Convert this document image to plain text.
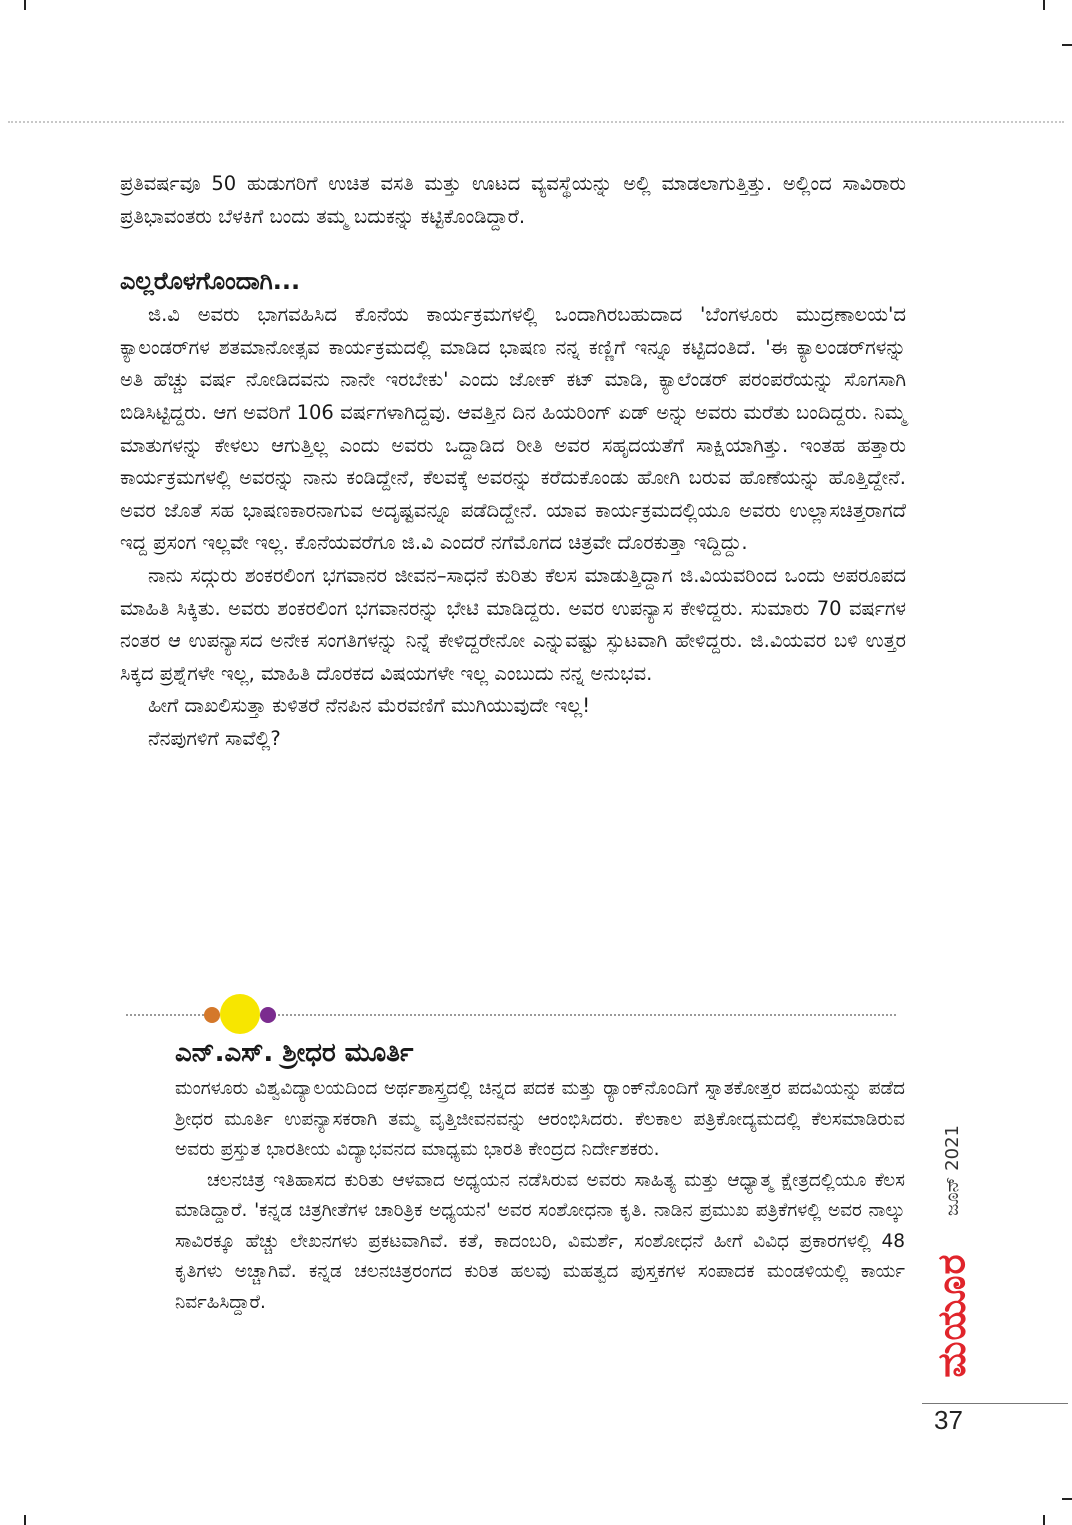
ಪ್ರತಿವರ್ಷವೂ 50 ಹುಡುಗರಿಗೆ ಉಚಿತ ವಸತಿ ಮತ್ತು ಊಟದ ವ್ಯವಸ್ಥೆಯನ್ನು ಅಲ್ಲಿ ಮಾಡಲಾಗುತ್ತಿತ್ತು. ಅಲ್ಲಿಂದ ಸಾವಿರಾರು ಪ್ರತಿಭಾವಂತರು ಬೆಳಕಿಗೆ ಬಂದು ತಮ್ಮ ಬದುಕನ್ನು ಕಟ್ಟಿಕೊಂಡಿದ್ದಾರೆ.

ಎಲ್ಲರೊಳಗೊಂದಾಗಿ...

ಜಿ.ವಿ ಅವರು ಭಾಗವಹಿಸಿದ ಕೊನೆಯ ಕಾರ್ಯಕ್ರಮಗಳಲ್ಲಿ ಒಂದಾಗಿರಬಹುದಾದ 'ಬೆಂಗಳೂರು ಮುದ್ರಣಾಲಯ'ದ ಕ್ಯಾಲಂಡರ್‌ಗಳ ಶತಮಾನೋತ್ಸವ ಕಾರ್ಯಕ್ರಮದಲ್ಲಿ ಮಾಡಿದ ಭಾಷಣ ನನ್ನ ಕಣ್ಣಿಗೆ ಇನ್ನೂ ಕಟ್ಟಿದಂತಿದೆ. 'ಈ ಕ್ಯಾಲಂಡರ್‌ಗಳನ್ನು ಅತಿ ಹೆಚ್ಚು ವರ್ಷ ನೋಡಿದವನು ನಾನೇ ಇರಬೇಕು' ಎಂದು ಜೋಕ್ ಕಟ್ ಮಾಡಿ, ಕ್ಯಾಲೆಂಡರ್ ಪರಂಪರೆಯನ್ನು ಸೊಗಸಾಗಿ ಬಿಡಿಸಿಟ್ಟಿದ್ದರು. ಆಗ ಅವರಿಗೆ 106 ವರ್ಷಗಳಾಗಿದ್ದವು. ಆವತ್ತಿನ ದಿನ ಹಿಯರಿಂಗ್ ಏಡ್ ಅನ್ನು ಅವರು ಮರೆತು ಬಂದಿದ್ದರು. ನಿಮ್ಮ ಮಾತುಗಳನ್ನು ಕೇಳಲು ಆಗುತ್ತಿಲ್ಲ ಎಂದು ಅವರು ಒದ್ದಾಡಿದ ರೀತಿ ಅವರ ಸಹೃದಯತೆಗೆ ಸಾಕ್ಷಿಯಾಗಿತ್ತು. ಇಂತಹ ಹತ್ತಾರು ಕಾರ್ಯಕ್ರಮಗಳಲ್ಲಿ ಅವರನ್ನು ನಾನು ಕಂಡಿದ್ದೇನೆ, ಕೆಲವಕ್ಕೆ ಅವರನ್ನು ಕರೆದುಕೊಂಡು ಹೋಗಿ ಬರುವ ಹೊಣೆಯನ್ನು ಹೊತ್ತಿದ್ದೇನೆ. ಅವರ ಜೊತೆ ಸಹ ಭಾಷಣಕಾರನಾಗುವ ಅದೃಷ್ಟವನ್ನೂ ಪಡೆದಿದ್ದೇನೆ. ಯಾವ ಕಾರ್ಯಕ್ರಮದಲ್ಲಿಯೂ ಅವರು ಉಲ್ಲಾಸಚಿತ್ತರಾಗದೆ ಇದ್ದ ಪ್ರಸಂಗ ಇಲ್ಲವೇ ಇಲ್ಲ. ಕೊನೆಯವರೆಗೂ ಜಿ.ವಿ ಎಂದರೆ ನಗೆಮೊಗದ ಚಿತ್ರವೇ ದೊರಕುತ್ತಾ ಇದ್ದಿದ್ದು.

ನಾನು ಸದ್ಗುರು ಶಂಕರಲಿಂಗ ಭಗವಾನರ ಜೀವನ–ಸಾಧನೆ ಕುರಿತು ಕೆಲಸ ಮಾಡುತ್ತಿದ್ದಾಗ ಜಿ.ವಿಯವರಿಂದ ಒಂದು ಅಪರೂಪದ ಮಾಹಿತಿ ಸಿಕ್ಕಿತು. ಅವರು ಶಂಕರಲಿಂಗ ಭಗವಾನರನ್ನು ಭೇಟಿ ಮಾಡಿದ್ದರು. ಅವರ ಉಪನ್ಯಾಸ ಕೇಳಿದ್ದರು. ಸುಮಾರು 70 ವರ್ಷಗಳ ನಂತರ ಆ ಉಪನ್ಯಾಸದ ಅನೇಕ ಸಂಗತಿಗಳನ್ನು ನಿನ್ನೆ ಕೇಳಿದ್ದರೇನೋ ಎನ್ನುವಷ್ಟು ಸ್ಫುಟವಾಗಿ ಹೇಳಿದ್ದರು. ಜಿ.ವಿಯವರ ಬಳಿ ಉತ್ತರ ಸಿಕ್ಕದ ಪ್ರಶ್ನೆಗಳೇ ಇಲ್ಲ, ಮಾಹಿತಿ ದೊರಕದ ವಿಷಯಗಳೇ ಇಲ್ಲ ಎಂಬುದು ನನ್ನ ಅನುಭವ.

ಹೀಗೆ ದಾಖಲಿಸುತ್ತಾ ಕುಳಿತರೆ ನೆನಪಿನ ಮೆರವಣಿಗೆ ಮುಗಿಯುವುದೇ ಇಲ್ಲ!

ನೆನಪುಗಳಿಗೆ ಸಾವೆಲ್ಲಿ?

ಎನ್.ಎಸ್. ಶ್ರೀಧರ ಮೂರ್ತಿ

ಮಂಗಳೂರು ವಿಶ್ವವಿದ್ಯಾಲಯದಿಂದ ಅರ್ಥಶಾಸ್ತ್ರದಲ್ಲಿ ಚಿನ್ನದ ಪದಕ ಮತ್ತು ರ್‍ಯಾಂಕ್‌ನೊಂದಿಗೆ ಸ್ನಾತಕೋತ್ತರ ಪದವಿಯನ್ನು ಪಡೆದ ಶ್ರೀಧರ ಮೂರ್ತಿ ಉಪನ್ಯಾಸಕರಾಗಿ ತಮ್ಮ ವೃತ್ತಿಜೀವನವನ್ನು ಆರಂಭಿಸಿದರು. ಕೆಲಕಾಲ ಪತ್ರಿಕೋದ್ಯಮದಲ್ಲಿ ಕೆಲಸಮಾಡಿರುವ ಅವರು ಪ್ರಸ್ತುತ ಭಾರತೀಯ ವಿದ್ಯಾಭವನದ ಮಾಧ್ಯಮ ಭಾರತಿ ಕೇಂದ್ರದ ನಿರ್ದೇಶಕರು.

ಚಲನಚಿತ್ರ ಇತಿಹಾಸದ ಕುರಿತು ಆಳವಾದ ಅಧ್ಯಯನ ನಡೆಸಿರುವ ಅವರು ಸಾಹಿತ್ಯ ಮತ್ತು ಆಧ್ಯಾತ್ಮ ಕ್ಷೇತ್ರದಲ್ಲಿಯೂ ಕೆಲಸ ಮಾಡಿದ್ದಾರೆ. 'ಕನ್ನಡ ಚಿತ್ರಗೀತೆಗಳ ಚಾರಿತ್ರಿಕ ಅಧ್ಯಯನ' ಅವರ ಸಂಶೋಧನಾ ಕೃತಿ. ನಾಡಿನ ಪ್ರಮುಖ ಪತ್ರಿಕೆಗಳಲ್ಲಿ ಅವರ ನಾಲ್ಕು ಸಾವಿರಕ್ಕೂ ಹೆಚ್ಚು ಲೇಖನಗಳು ಪ್ರಕಟವಾಗಿವೆ. ಕತೆ, ಕಾದಂಬರಿ, ವಿಮರ್ಶೆ, ಸಂಶೋಧನೆ ಹೀಗೆ ವಿವಿಧ ಪ್ರಕಾರಗಳಲ್ಲಿ 48 ಕೃತಿಗಳು ಅಚ್ಚಾಗಿವೆ. ಕನ್ನಡ ಚಲನಚಿತ್ರರಂಗದ ಕುರಿತ ಹಲವು ಮಹತ್ವದ ಪುಸ್ತಕಗಳ ಸಂಪಾದಕ ಮಂಡಳಿಯಲ್ಲಿ ಕಾರ್ಯ ನಿರ್ವಹಿಸಿದ್ದಾರೆ.

ಜೂನ್ 2021
ಮಯೂರ
37
